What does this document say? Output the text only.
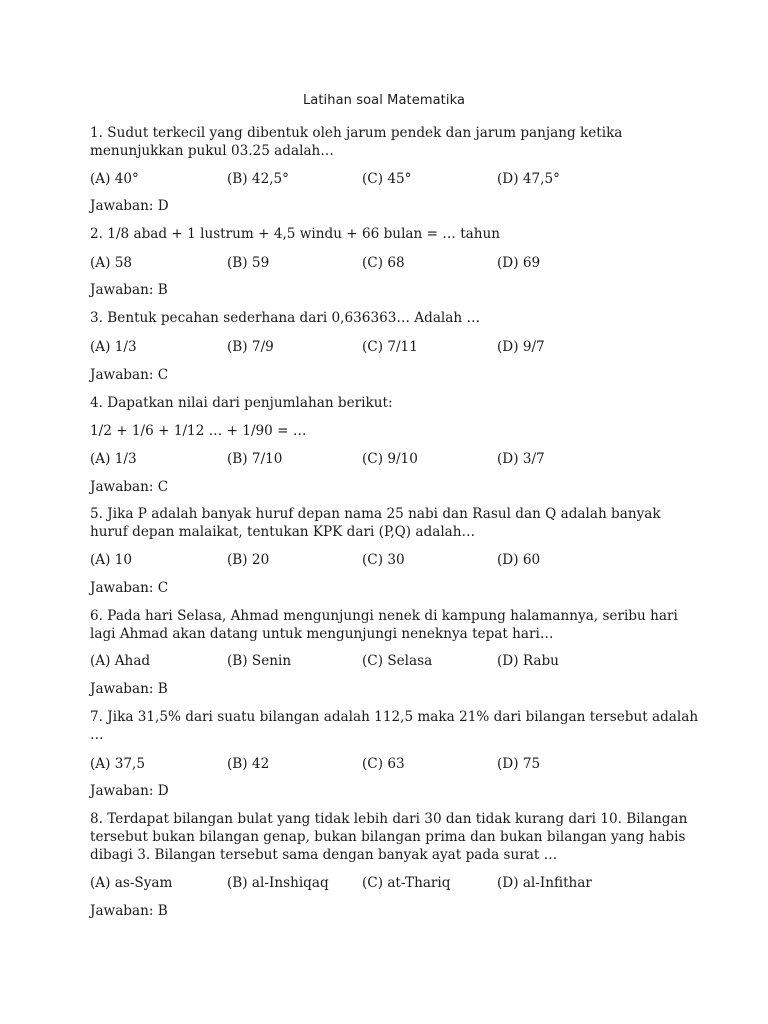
Latihan soal Matematika
1. Sudut terkecil yang dibentuk oleh jarum pendek dan jarum panjang ketika
menunjukkan pukul 03.25 adalah…
(A) 40°	(B) 42,5°	(C) 45°	(D) 47,5°
Jawaban: D
2. 1/8 abad + 1 lustrum + 4,5 windu + 66 bulan = … tahun
(A) 58	(B) 59	(C) 68	(D) 69
Jawaban: B
3. Bentuk pecahan sederhana dari 0,636363… Adalah …
(A) 1/3	(B) 7/9	(C) 7/11	(D) 9/7
Jawaban: C
4. Dapatkan nilai dari penjumlahan berikut:
1/2 + 1/6 + 1/12 … + 1/90 = …
(A) 1/3	(B) 7/10	(C) 9/10	(D) 3/7
Jawaban: C
5. Jika P adalah banyak huruf depan nama 25 nabi dan Rasul dan Q adalah banyak
huruf depan malaikat, tentukan KPK dari (P,Q) adalah…
(A) 10	(B) 20	(C) 30	(D) 60
Jawaban: C
6. Pada hari Selasa, Ahmad mengunjungi nenek di kampung halamannya, seribu hari
lagi Ahmad akan datang untuk mengunjungi neneknya tepat hari…
(A) Ahad	(B) Senin	(C) Selasa	(D) Rabu
Jawaban: B
7. Jika 31,5% dari suatu bilangan adalah 112,5 maka 21% dari bilangan tersebut adalah
…
(A) 37,5	(B) 42	(C) 63	(D) 75
Jawaban: D
8. Terdapat bilangan bulat yang tidak lebih dari 30 dan tidak kurang dari 10. Bilangan
tersebut bukan bilangan genap, bukan bilangan prima dan bukan bilangan yang habis
dibagi 3. Bilangan tersebut sama dengan banyak ayat pada surat …
(A) as-Syam	(B) al-Inshiqaq (C) at-Thariq	(D) al-Infithar
Jawaban: B
